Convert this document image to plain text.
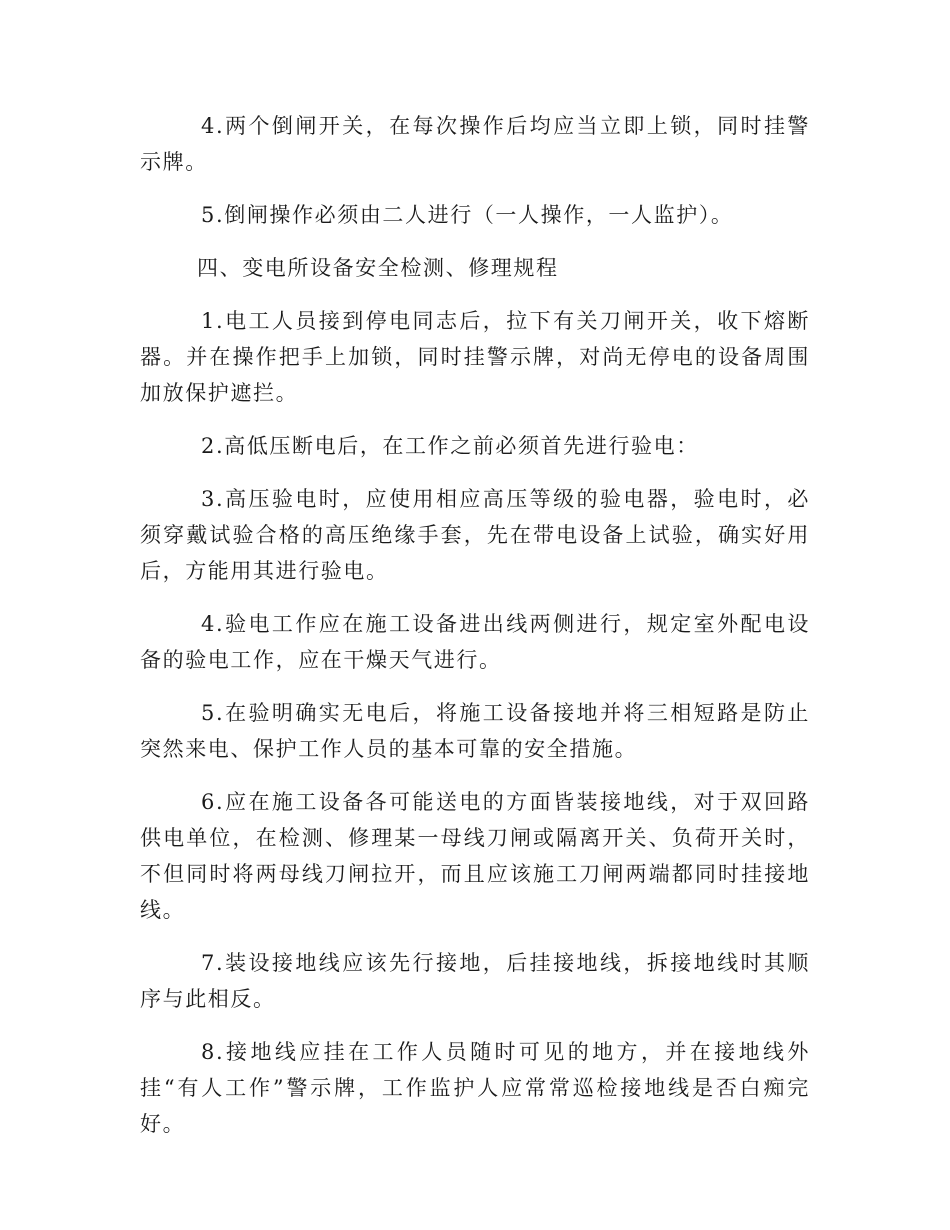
4.两个倒闸开关，在每次操作后均应当立即上锁，同时挂警示牌。

5.倒闸操作必须由二人进行（一人操作，一人监护）。

四、变电所设备安全检测、修理规程

1.电工人员接到停电同志后，拉下有关刀闸开关，收下熔断器。并在操作把手上加锁，同时挂警示牌，对尚无停电的设备周围加放保护遮拦。

2.高低压断电后，在工作之前必须首先进行验电：

3.高压验电时，应使用相应高压等级的验电器，验电时，必须穿戴试验合格的高压绝缘手套，先在带电设备上试验，确实好用后，方能用其进行验电。

4.验电工作应在施工设备进出线两侧进行，规定室外配电设备的验电工作，应在干燥天气进行。

5.在验明确实无电后，将施工设备接地并将三相短路是防止突然来电、保护工作人员的基本可靠的安全措施。

6.应在施工设备各可能送电的方面皆装接地线，对于双回路供电单位，在检测、修理某一母线刀闸或隔离开关、负荷开关时，不但同时将两母线刀闸拉开，而且应该施工刀闸两端都同时挂接地线。

7.装设接地线应该先行接地，后挂接地线，拆接地线时其顺序与此相反。

8.接地线应挂在工作人员随时可见的地方，并在接地线外挂“有人工作”警示牌，工作监护人应常常巡检接地线是否白痴完好。
